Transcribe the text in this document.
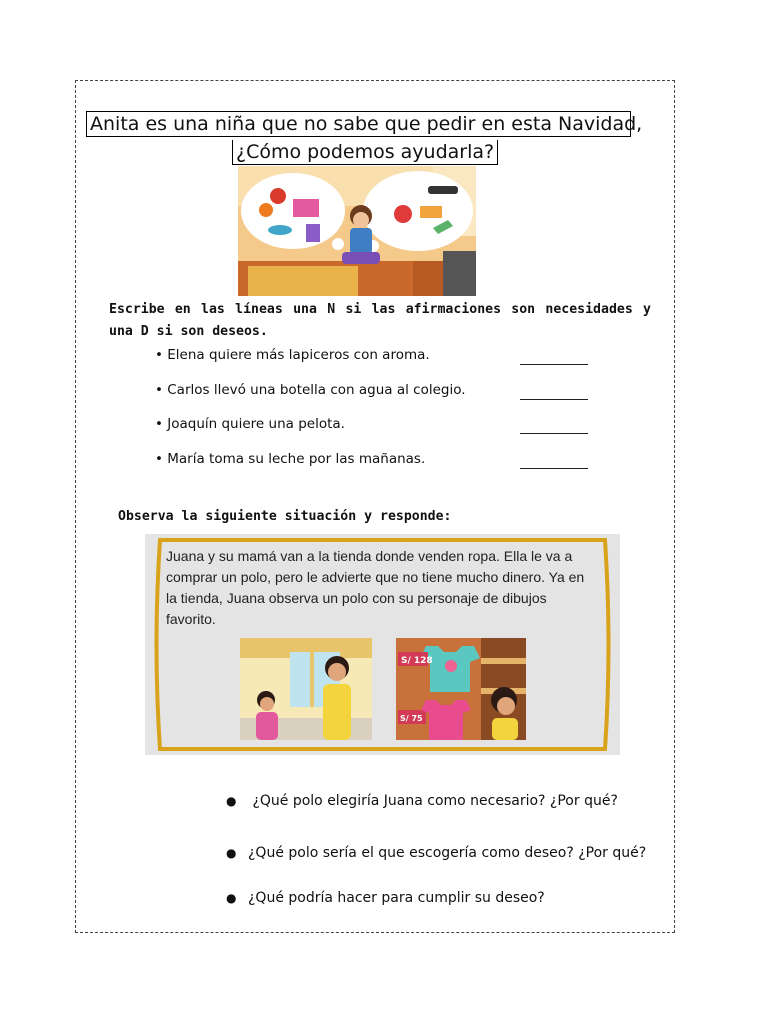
Anita es una niña que no sabe que pedir en esta Navidad,
¿Cómo podemos ayudarla?
Escribe en las líneas una N si las afirmaciones son necesidades y una D si son deseos.
• Elena quiere más lapiceros con aroma.
• Carlos llevó una botella con agua al colegio.
• Joaquín quiere una pelota.
• María toma su leche por las mañanas.
Observa la siguiente situación y responde:
Juana y su mamá van a la tienda donde venden ropa. Ella le va a comprar un polo, pero le advierte que no tiene mucho dinero. Ya en la tienda, Juana observa un polo con su personaje de dibujos favorito.
S/ 128
S/ 75
● ¿Qué polo elegiría Juana como necesario? ¿Por qué?
● ¿Qué polo sería el que escogería como deseo? ¿Por qué?
● ¿Qué podría hacer para cumplir su deseo?
